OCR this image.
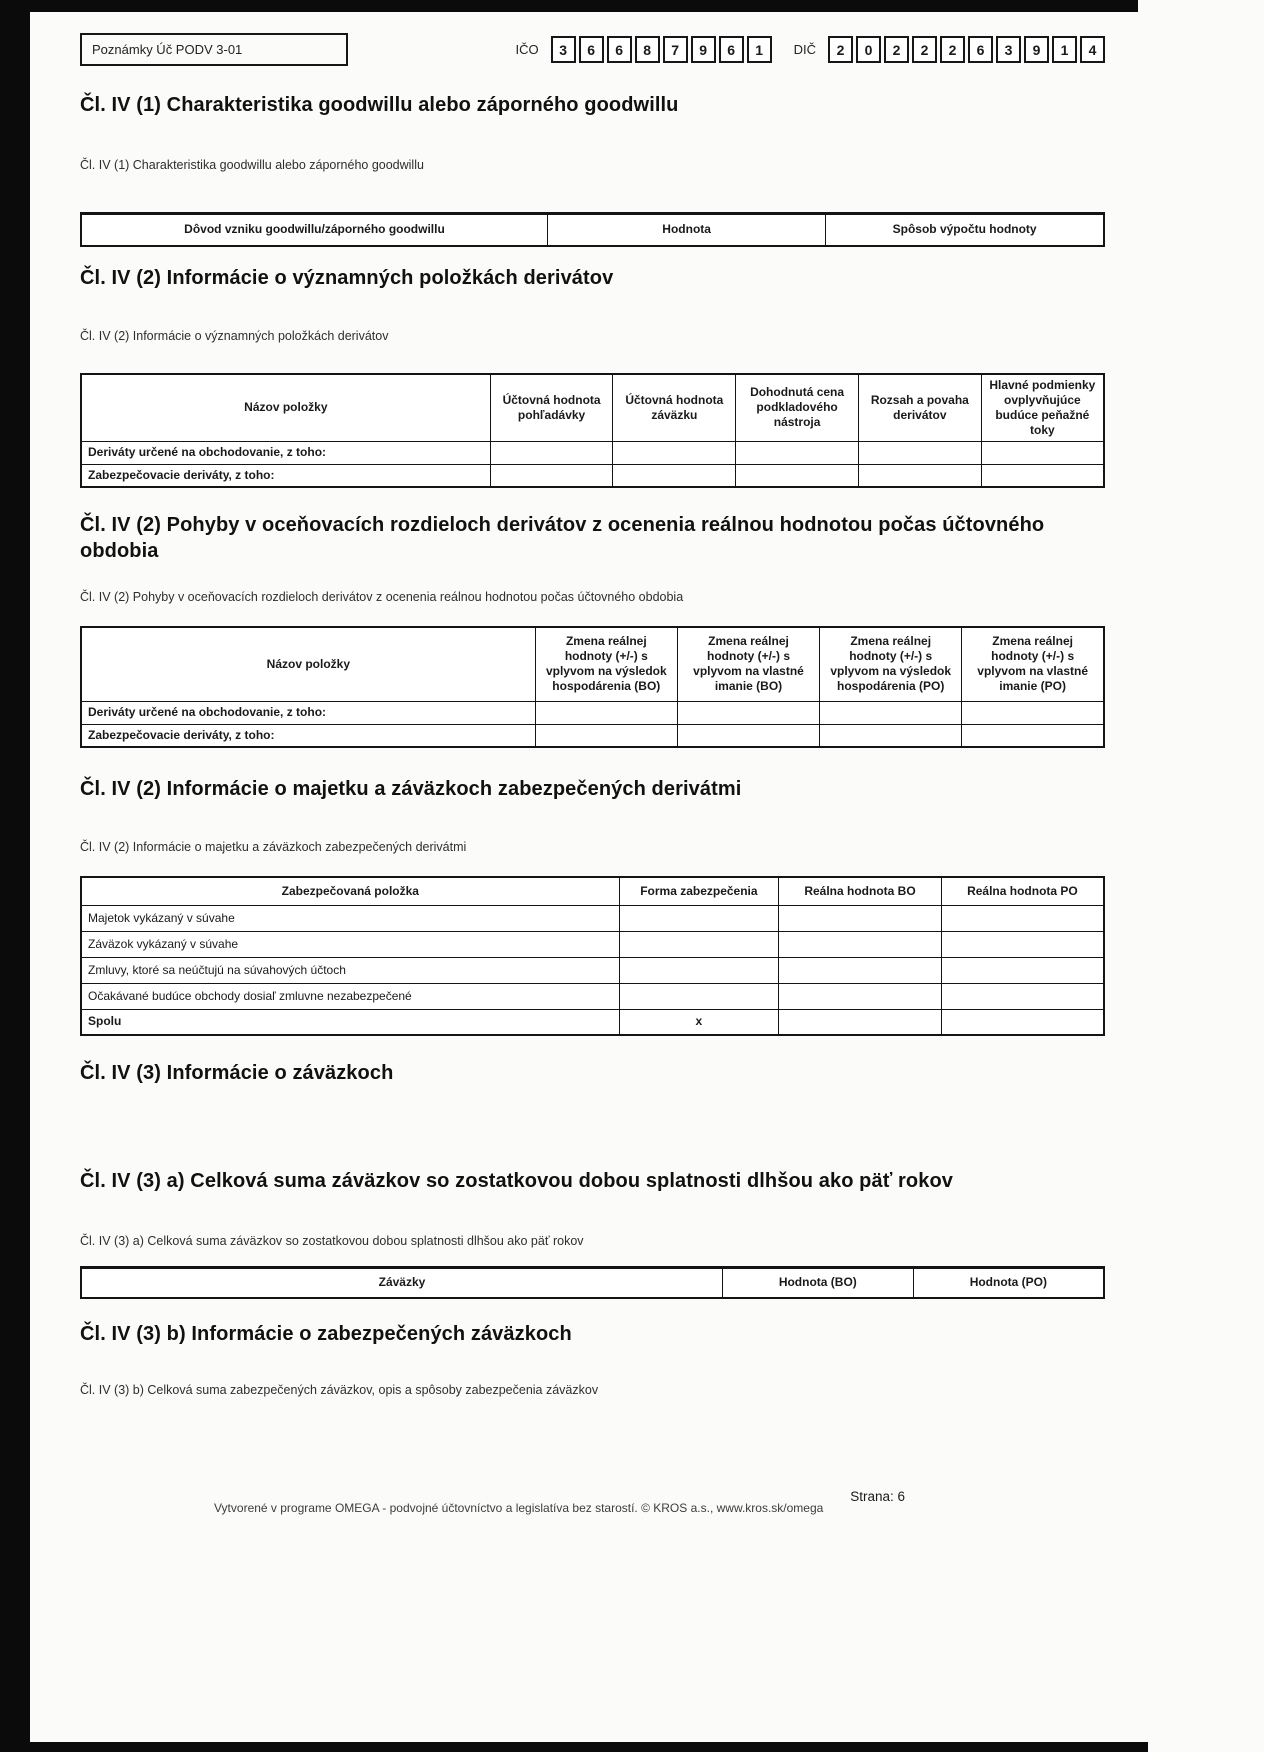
Poznámky Úč PODV 3-01	IČO	3	6	6	8	7	9	6	1	DIČ	2	0	2	2	2	6	3	9	1	4
Čl. IV (1) Charakteristika goodwillu alebo záporného goodwillu
Čl. IV (1) Charakteristika goodwillu alebo záporného goodwillu
Dôvod vzniku goodwillu/záporného goodwillu	Hodnota	Spôsob výpočtu hodnoty
Čl. IV (2) Informácie o významných položkách derivátov
Čl. IV (2) Informácie o významných položkách derivátov
Názov položky	Účtovná hodnota pohľadávky	Účtovná hodnota záväzku	Dohodnutá cena podkladového nástroja	Rozsah a povaha derivátov	Hlavné podmienky ovplyvňujúce budúce peňažné toky
Deriváty určené na obchodovanie, z toho:					
Zabezpečovacie deriváty, z toho:					
Čl. IV (2) Pohyby v oceňovacích rozdieloch derivátov z ocenenia reálnou hodnotou počas účtovného obdobia
Čl. IV (2) Pohyby v oceňovacích rozdieloch derivátov z ocenenia reálnou hodnotou počas účtovného obdobia
Názov položky	Zmena reálnej hodnoty (+/-) s vplyvom na výsledok hospodárenia (BO)	Zmena reálnej hodnoty (+/-) s vplyvom na vlastné imanie (BO)	Zmena reálnej hodnoty (+/-) s vplyvom na výsledok hospodárenia (PO)	Zmena reálnej hodnoty (+/-) s vplyvom na vlastné imanie (PO)
Deriváty určené na obchodovanie, z toho:				
Zabezpečovacie deriváty, z toho:				
Čl. IV (2) Informácie o majetku a záväzkoch zabezpečených derivátmi
Čl. IV (2) Informácie o majetku a záväzkoch zabezpečených derivátmi
Zabezpečovaná položka	Forma zabezpečenia	Reálna hodnota BO	Reálna hodnota PO
Majetok vykázaný v súvahe			
Záväzok vykázaný v súvahe			
Zmluvy, ktoré sa neúčtujú na súvahových účtoch			
Očakávané budúce obchody dosiaľ zmluvne nezabezpečené			
Spolu	x		
Čl. IV (3) Informácie o záväzkoch
Čl. IV (3) a) Celková suma záväzkov so zostatkovou dobou splatnosti dlhšou ako päť rokov
Čl. IV (3) a) Celková suma záväzkov so zostatkovou dobou splatnosti dlhšou ako päť rokov
Záväzky	Hodnota (BO)	Hodnota (PO)
Čl. IV (3) b) Informácie o zabezpečených záväzkoch
Čl. IV (3) b) Celková suma zabezpečených záväzkov, opis a spôsoby zabezpečenia záväzkov
Vytvorené v programe OMEGA - podvojné účtovníctvo a legislatíva bez starostí. © KROS a.s., www.kros.sk/omega
Strana: 6
